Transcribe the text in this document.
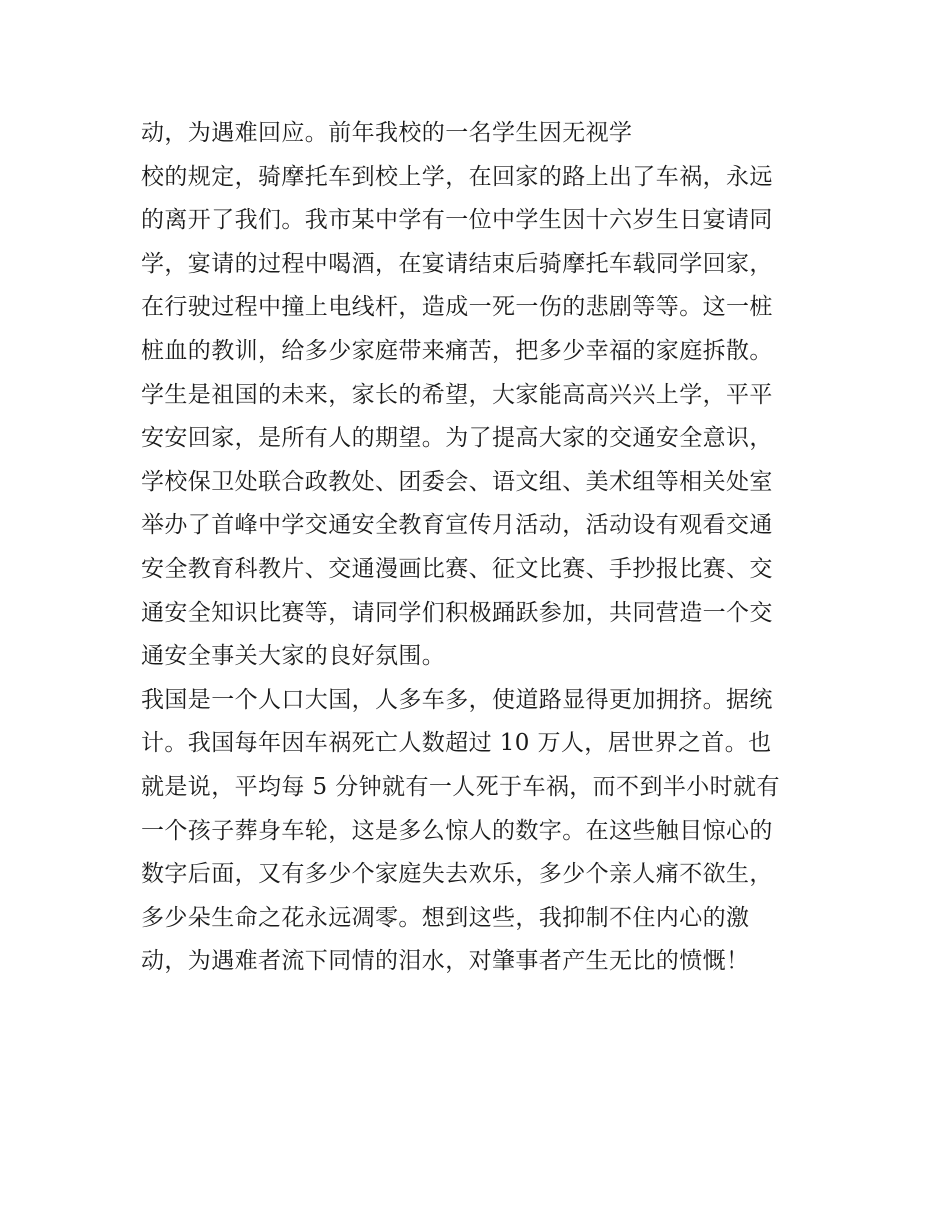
动，为遇难回应。前年我校的一名学生因无视学
校的规定，骑摩托车到校上学，在回家的路上出了车祸，永远
的离开了我们。我市某中学有一位中学生因十六岁生日宴请同
学，宴请的过程中喝酒，在宴请结束后骑摩托车载同学回家，
在行驶过程中撞上电线杆，造成一死一伤的悲剧等等。这一桩
桩血的教训，给多少家庭带来痛苦，把多少幸福的家庭拆散。
学生是祖国的未来，家长的希望，大家能高高兴兴上学，平平
安安回家，是所有人的期望。为了提高大家的交通安全意识，
学校保卫处联合政教处、团委会、语文组、美术组等相关处室
举办了首峰中学交通安全教育宣传月活动，活动设有观看交通
安全教育科教片、交通漫画比赛、征文比赛、手抄报比赛、交
通安全知识比赛等，请同学们积极踊跃参加，共同营造一个交
通安全事关大家的良好氛围。
我国是一个人口大国，人多车多，使道路显得更加拥挤。据统
计。我国每年因车祸死亡人数超过 10 万人，居世界之首。也
就是说，平均每 5 分钟就有一人死于车祸，而不到半小时就有
一个孩子葬身车轮，这是多么惊人的数字。在这些触目惊心的
数字后面，又有多少个家庭失去欢乐，多少个亲人痛不欲生，
多少朵生命之花永远凋零。想到这些，我抑制不住内心的激
动，为遇难者流下同情的泪水，对肇事者产生无比的愤慨！
